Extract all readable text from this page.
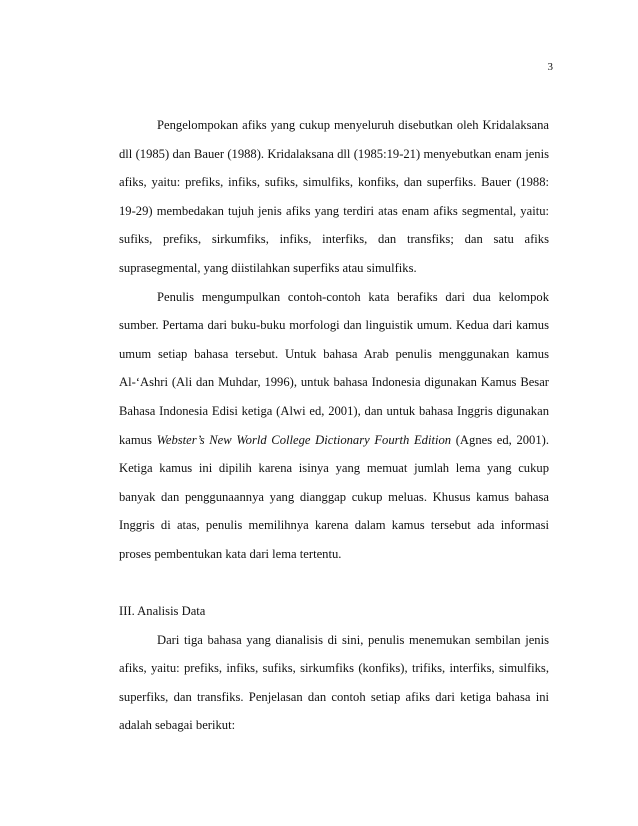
3

Pengelompokan afiks yang cukup menyeluruh disebutkan oleh Kridalaksana dll (1985) dan Bauer (1988). Kridalaksana dll (1985:19-21) menyebutkan enam jenis afiks, yaitu: prefiks, infiks, sufiks, simulfiks, konfiks, dan superfiks. Bauer (1988: 19-29) membedakan tujuh jenis afiks yang terdiri atas enam afiks segmental, yaitu: sufiks, prefiks, sirkumfiks, infiks, interfiks, dan transfiks; dan satu afiks suprasegmental, yang diistilahkan superfiks atau simulfiks.

Penulis mengumpulkan contoh-contoh kata berafiks dari dua kelompok sumber. Pertama dari buku-buku morfologi dan linguistik umum. Kedua dari kamus umum setiap bahasa tersebut. Untuk bahasa Arab penulis menggunakan kamus Al-‘Ashri (Ali dan Muhdar, 1996), untuk bahasa Indonesia digunakan Kamus Besar Bahasa Indonesia Edisi ketiga (Alwi ed, 2001), dan untuk bahasa Inggris digunakan kamus Webster’s New World College Dictionary Fourth Edition (Agnes ed, 2001). Ketiga kamus ini dipilih karena isinya yang memuat jumlah lema yang cukup banyak dan penggunaannya yang dianggap cukup meluas. Khusus kamus bahasa Inggris di atas, penulis memilihnya karena dalam kamus tersebut ada informasi proses pembentukan kata dari lema tertentu.

III. Analisis Data

Dari tiga bahasa yang dianalisis di sini, penulis menemukan sembilan jenis afiks, yaitu: prefiks, infiks, sufiks, sirkumfiks (konfiks), trifiks, interfiks, simulfiks, superfiks, dan transfiks. Penjelasan dan contoh setiap afiks dari ketiga bahasa ini adalah sebagai berikut:
